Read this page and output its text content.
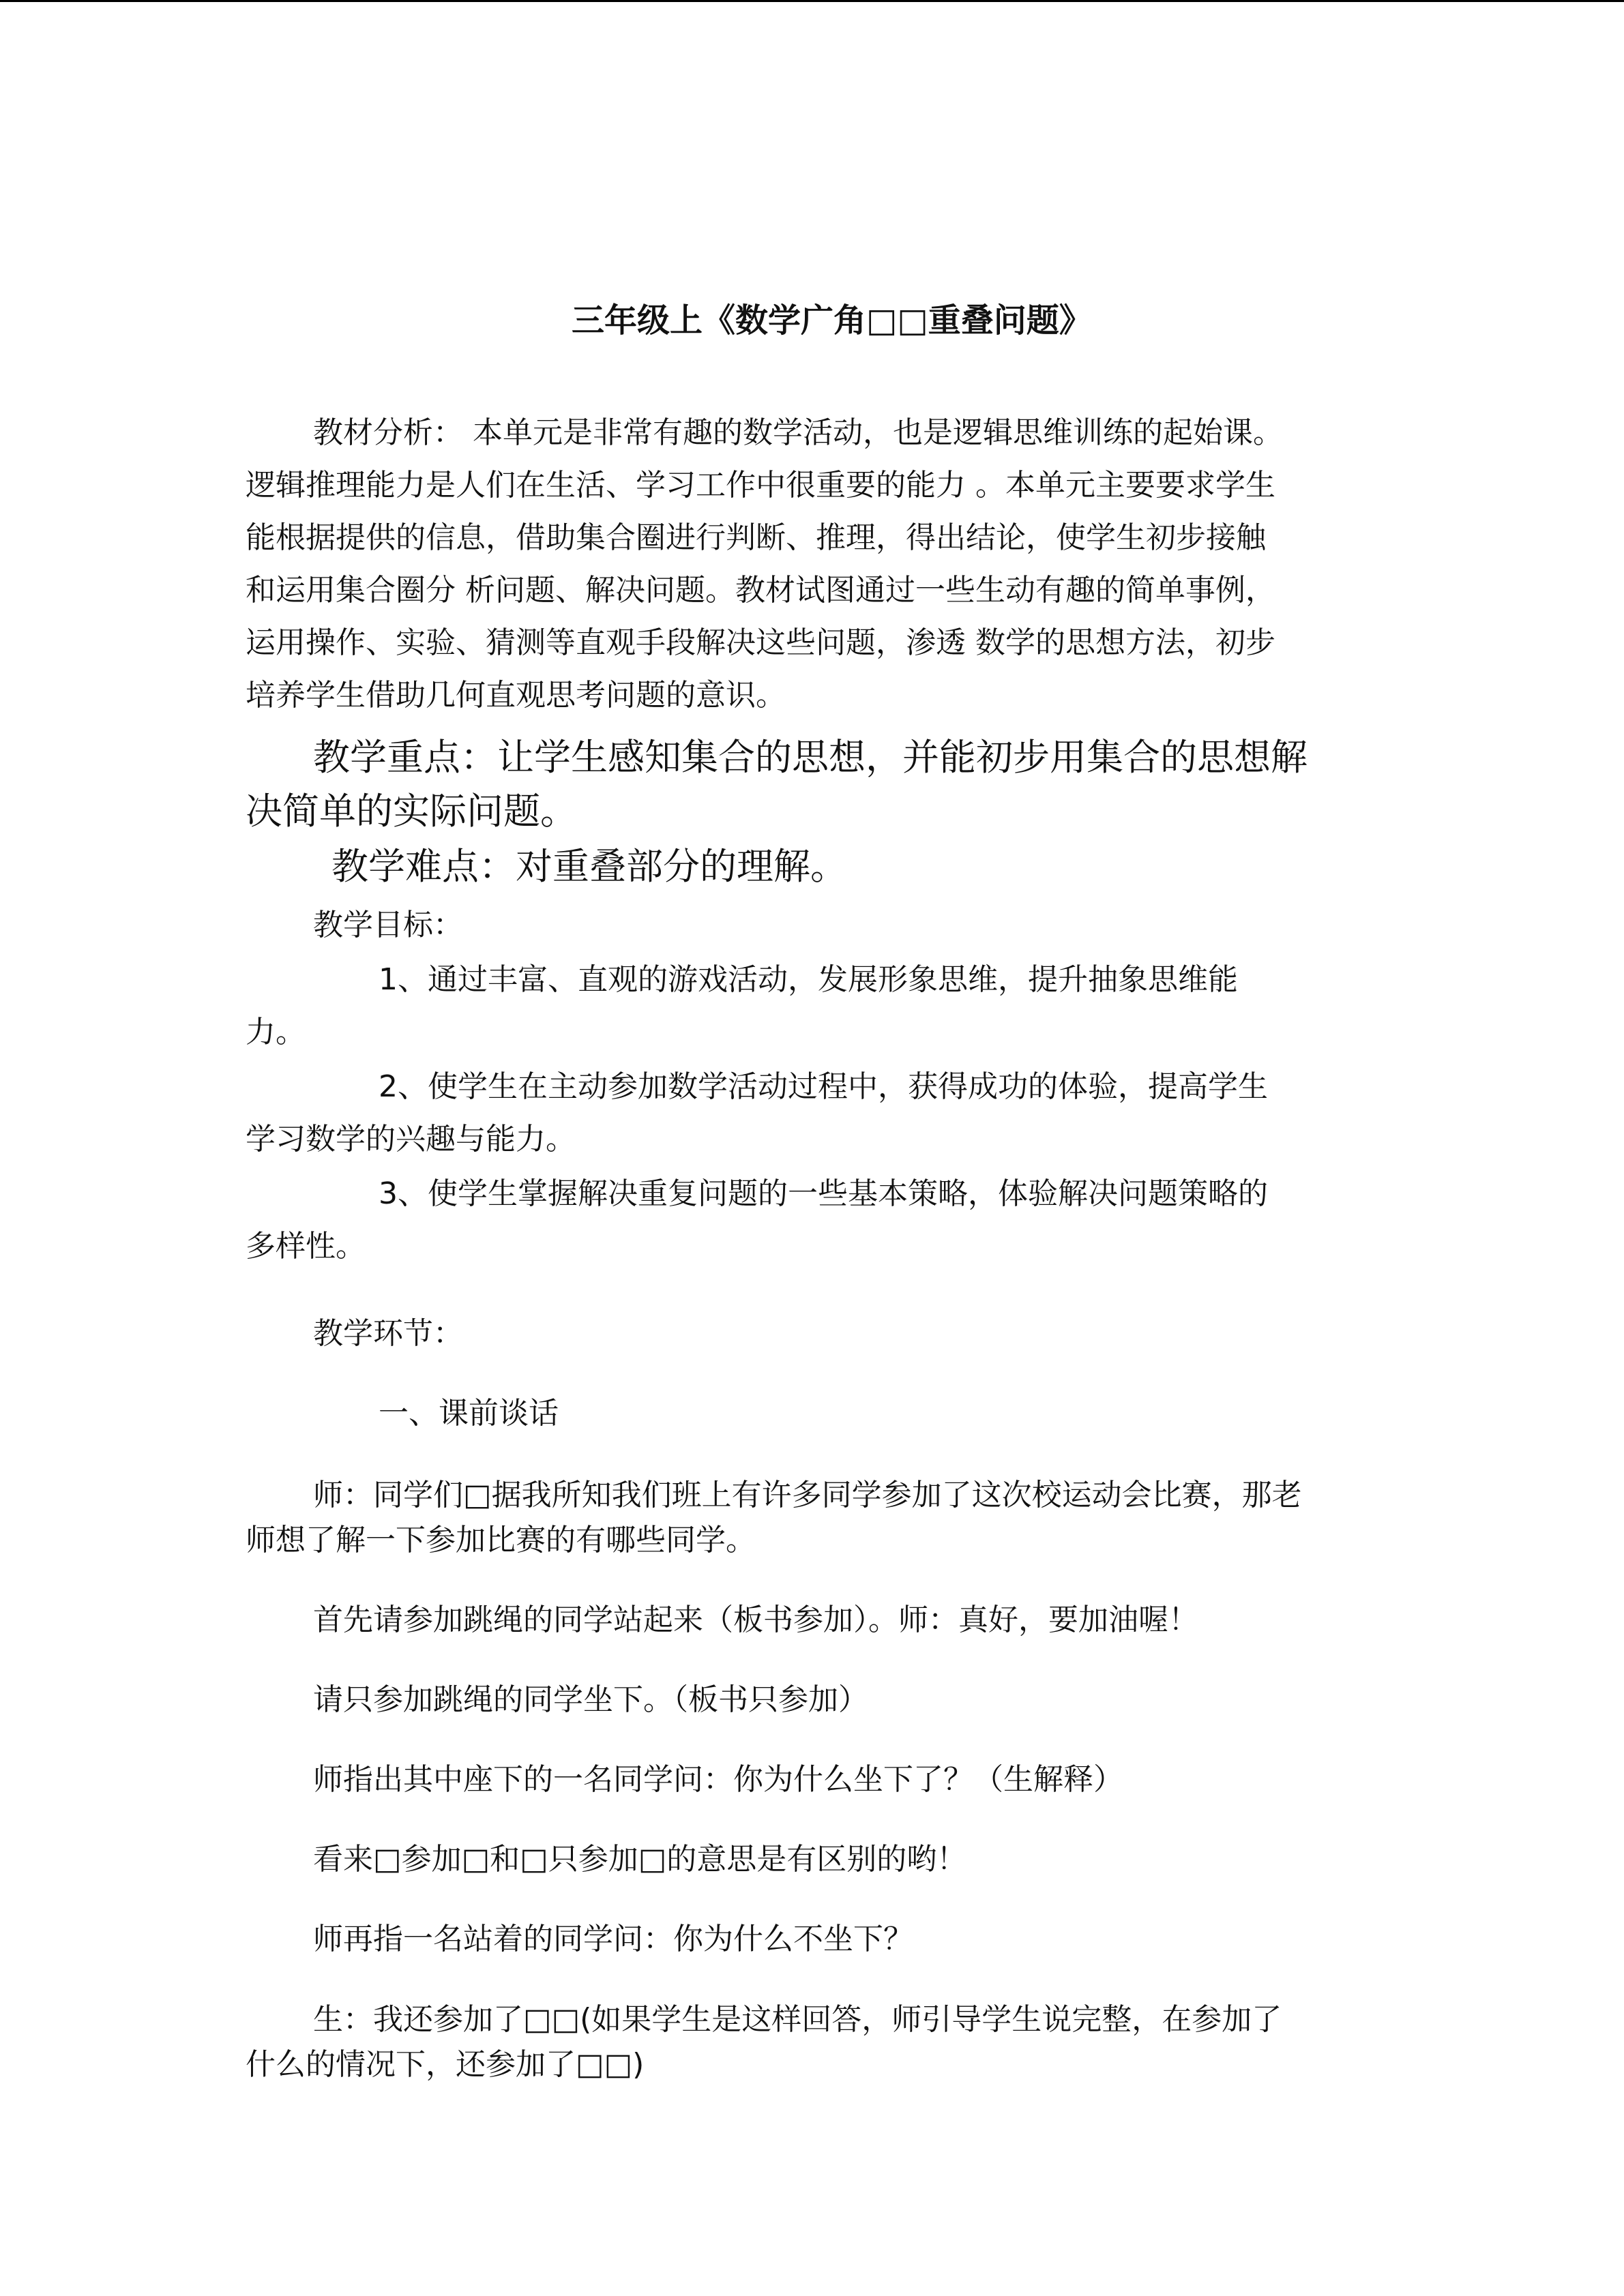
三年级上《数学广角□□重叠问题》
教材分析： 本单元是非常有趣的数学活动，也是逻辑思维训练的起始课。
逻辑推理能力是人们在生活、学习工作中很重要的能力 。本单元主要要求学生
能根据提供的信息，借助集合圈进行判断、推理，得出结论，使学生初步接触
和运用集合圈分 析问题、解决问题。教材试图通过一些生动有趣的简单事例，
运用操作、实验、猜测等直观手段解决这些问题，渗透 数学的思想方法，初步
培养学生借助几何直观思考问题的意识。
教学重点：让学生感知集合的思想，并能初步用集合的思想解
决简单的实际问题。
教学难点：对重叠部分的理解。
教学目标：
1、通过丰富、直观的游戏活动，发展形象思维，提升抽象思维能
力。
2、使学生在主动参加数学活动过程中，获得成功的体验，提高学生
学习数学的兴趣与能力。
3、使学生掌握解决重复问题的一些基本策略，体验解决问题策略的
多样性。
教学环节：
一、课前谈话
师：同学们□据我所知我们班上有许多同学参加了这次校运动会比赛，那老
师想了解一下参加比赛的有哪些同学。
首先请参加跳绳的同学站起来（板书参加）。师：真好，要加油喔！
请只参加跳绳的同学坐下。（板书只参加）
师指出其中座下的一名同学问：你为什么坐下了？（生解释）
看来□参加□和□只参加□的意思是有区别的哟！
师再指一名站着的同学问：你为什么不坐下？
生：我还参加了□□(如果学生是这样回答，师引导学生说完整，在参加了
什么的情况下，还参加了□□)
